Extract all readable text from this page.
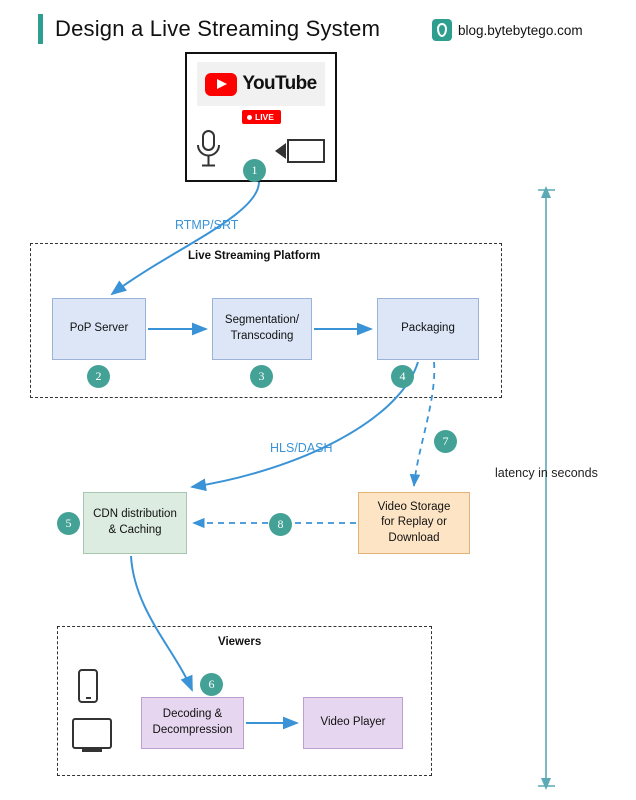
Design a Live Streaming System	blog.bytebytego.com
YouTube
LIVE
Live Streaming Platform
Viewers
PoP Server
Segmentation/
Transcoding
Packaging
CDN distribution
& Caching
Video Storage
for Replay or
Download
Decoding &
Decompression
Video Player
RTMP/SRT
HLS/DASH
latency in seconds
1
2	3	4
5
6
7
8
